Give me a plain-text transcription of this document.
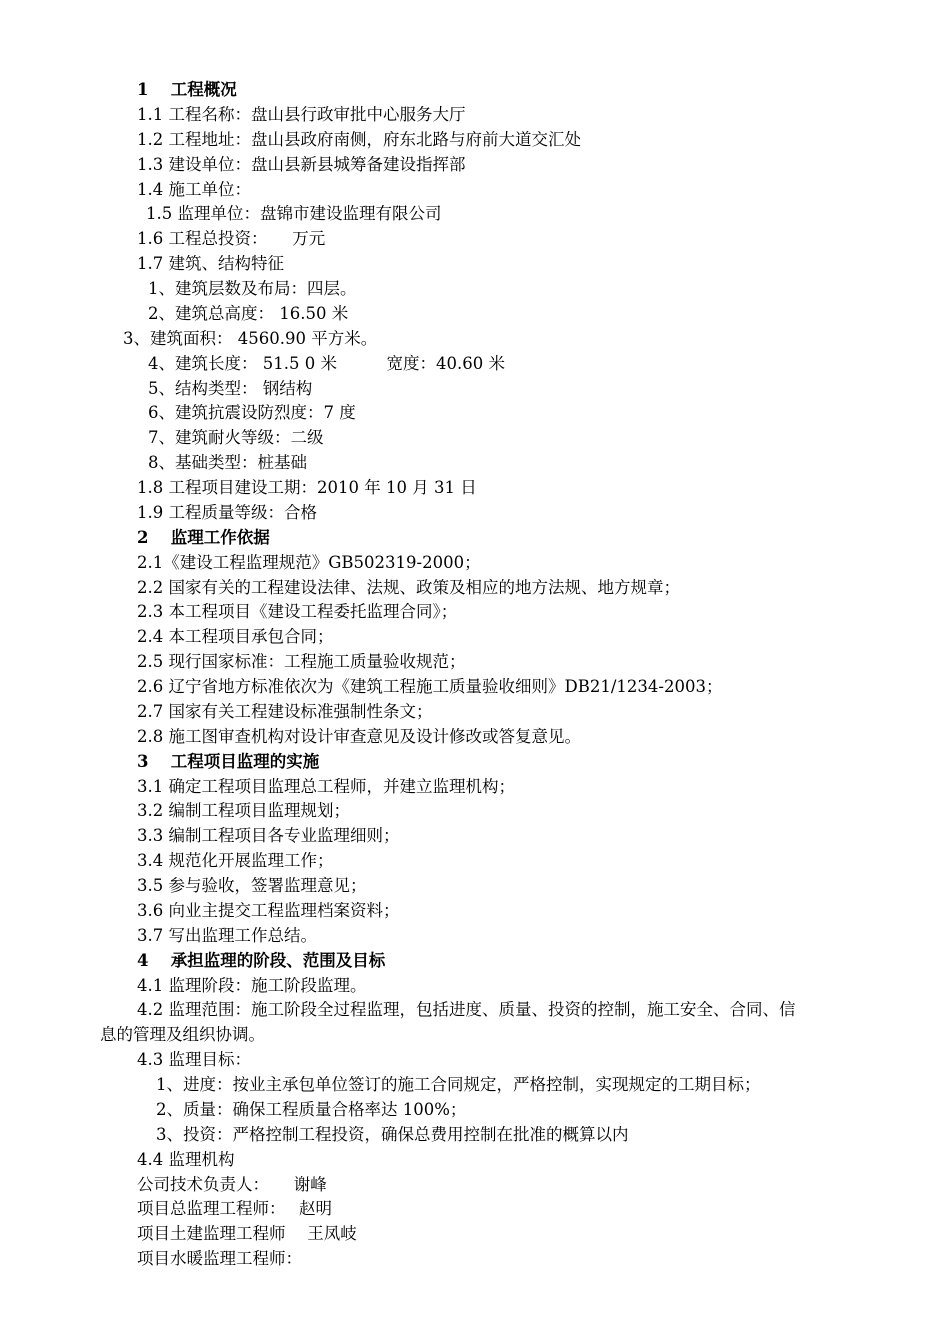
1　 工程概况
1.1 工程名称：盘山县行政审批中心服务大厅
1.2 工程地址：盘山县政府南侧，府东北路与府前大道交汇处
1.3 建设单位：盘山县新县城筹备建设指挥部
1.4 施工单位：
1.5 监理单位：盘锦市建设监理有限公司
1.6 工程总投资：　　万元
1.7 建筑、结构特征
1、建筑层数及布局：四层。
2、建筑总高度： 16.50 米
3、建筑面积： 4560.90 平方米。
4、建筑长度： 51.5 0 米　　　宽度：40.60 米
5、结构类型： 钢结构
6、建筑抗震设防烈度：7 度
7、建筑耐火等级：二级
8、基础类型：桩基础
1.8 工程项目建设工期：2010 年 10 月 31 日
1.9 工程质量等级：合格
2　 监理工作依据
2.1《建设工程监理规范》GB502319-2000；
2.2 国家有关的工程建设法律、法规、政策及相应的地方法规、地方规章；
2.3 本工程项目《建设工程委托监理合同》；
2.4 本工程项目承包合同；
2.5 现行国家标准：工程施工质量验收规范；
2.6 辽宁省地方标准依次为《建筑工程施工质量验收细则》DB21/1234-2003；
2.7 国家有关工程建设标准强制性条文；
2.8 施工图审查机构对设计审查意见及设计修改或答复意见。
3　 工程项目监理的实施
3.1 确定工程项目监理总工程师，并建立监理机构；
3.2 编制工程项目监理规划；
3.3 编制工程项目各专业监理细则；
3.4 规范化开展监理工作；
3.5 参与验收，签署监理意见；
3.6 向业主提交工程监理档案资料；
3.7 写出监理工作总结。
4　 承担监理的阶段、范围及目标
4.1 监理阶段：施工阶段监理。
4.2 监理范围：施工阶段全过程监理，包括进度、质量、投资的控制，施工安全、合同、信
息的管理及组织协调。
4.3 监理目标：
1、进度：按业主承包单位签订的施工合同规定，严格控制，实现规定的工期目标；
2、质量：确保工程质量合格率达 100%；
3、投资：严格控制工程投资，确保总费用控制在批准的概算以内
4.4 监理机构
公司技术负责人：　　谢峰
项目总监理工程师：　 赵明
项目土建监理工程师　 王凤岐
项目水暖监理工程师：
